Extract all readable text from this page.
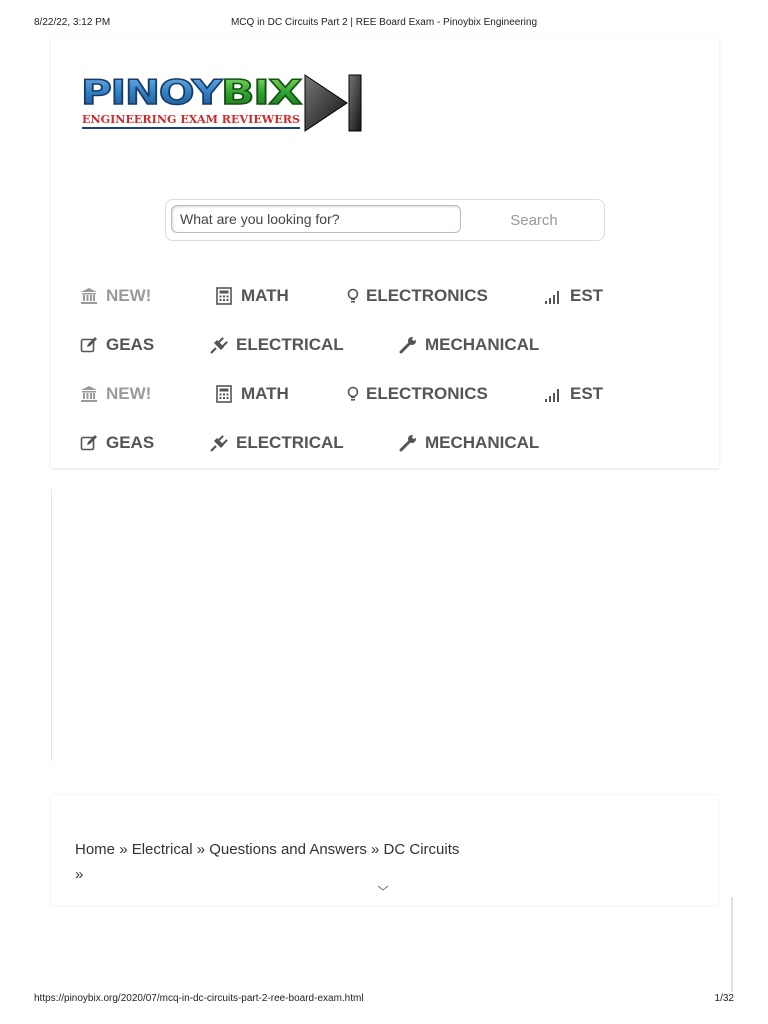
8/22/22, 3:12 PM	MCQ in DC Circuits Part 2 | REE Board Exam - Pinoybix Engineering
PINOY
BIX
ENGINEERING EXAM REVIEWERS
What are you looking for?
Search
NEW!	MATH	ELECTRONICS	EST
GEAS	ELECTRICAL	MECHANICAL
NEW!	MATH	ELECTRONICS	EST
GEAS	ELECTRICAL	MECHANICAL
Home » Electrical » Questions and Answers » DC Circuits
»
https://pinoybix.org/2020/07/mcq-in-dc-circuits-part-2-ree-board-exam.html	1/32
